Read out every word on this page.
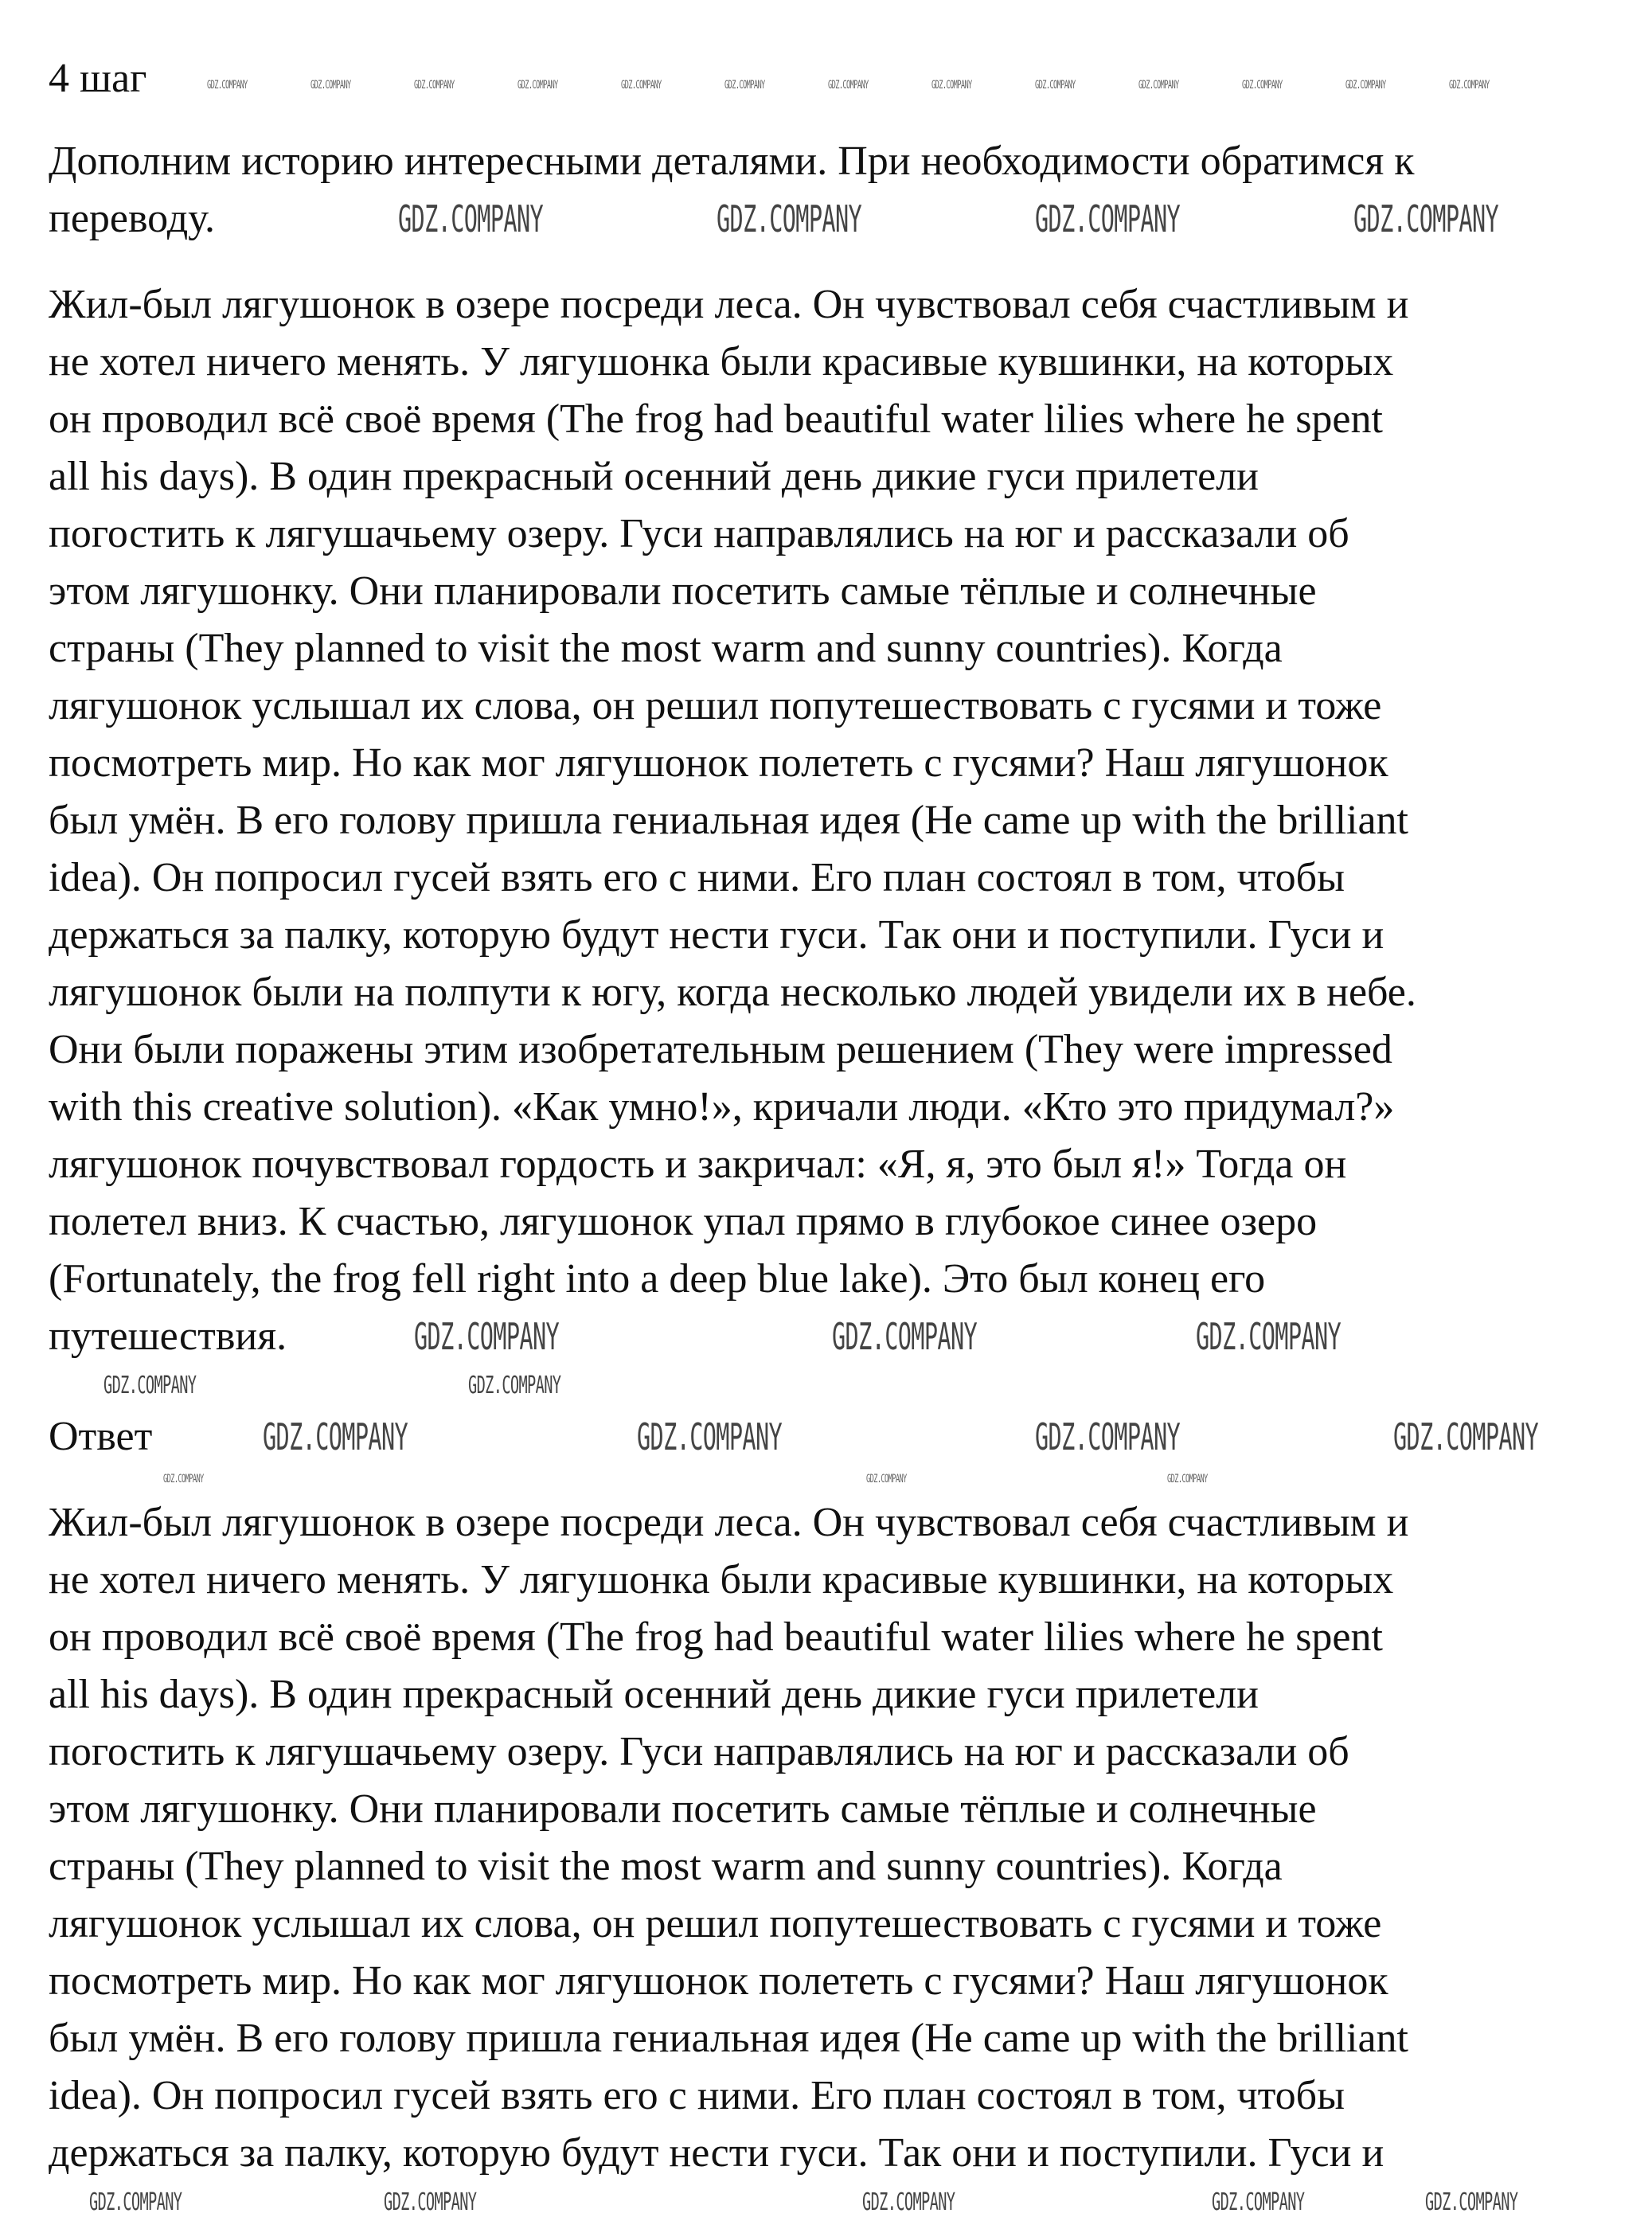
4 шаг
Дополним историю интересными деталями. При необходимости обратимся к
переводу.
Жил-был лягушонок в озере посреди леса. Он чувствовал себя счастливым и
не хотел ничего менять. У лягушонка были красивые кувшинки, на которых
он проводил всё своё время (The frog had beautiful water lilies where he spent
all his days). В один прекрасный осенний день дикие гуси прилетели
погостить к лягушачьему озеру. Гуси направлялись на юг и рассказали об
этом лягушонку. Они планировали посетить самые тёплые и солнечные
страны (They planned to visit the most warm and sunny countries). Когда
лягушонок услышал их слова, он решил попутешествовать с гусями и тоже
посмотреть мир. Но как мог лягушонок полететь с гусями? Наш лягушонок
был умён. В его голову пришла гениальная идея (He came up with the brilliant
idea). Он попросил гусей взять его с ними. Его план состоял в том, чтобы
держаться за палку, которую будут нести гуси. Так они и поступили. Гуси и
лягушонок были на полпути к югу, когда несколько людей увидели их в небе.
Они были поражены этим изобретательным решением (They were impressed
with this creative solution). «Как умно!», кричали люди. «Кто это придумал?»
лягушонок почувствовал гордость и закричал: «Я, я, это был я!» Тогда он
полетел вниз. К счастью, лягушонок упал прямо в глубокое синее озеро
(Fortunately, the frog fell right into a deep blue lake). Это был конец его
путешествия.
Ответ
Жил-был лягушонок в озере посреди леса. Он чувствовал себя счастливым и
не хотел ничего менять. У лягушонка были красивые кувшинки, на которых
он проводил всё своё время (The frog had beautiful water lilies where he spent
all his days). В один прекрасный осенний день дикие гуси прилетели
погостить к лягушачьему озеру. Гуси направлялись на юг и рассказали об
этом лягушонку. Они планировали посетить самые тёплые и солнечные
страны (They planned to visit the most warm and sunny countries). Когда
лягушонок услышал их слова, он решил попутешествовать с гусями и тоже
посмотреть мир. Но как мог лягушонок полететь с гусями? Наш лягушонок
был умён. В его голову пришла гениальная идея (He came up with the brilliant
idea). Он попросил гусей взять его с ними. Его план состоял в том, чтобы
держаться за палку, которую будут нести гуси. Так они и поступили. Гуси и
GDZ.COMPANY	GDZ.COMPANY	GDZ.COMPANY	GDZ.COMPANY	GDZ.COMPANY	GDZ.COMPANY	GDZ.COMPANY	GDZ.COMPANY	GDZ.COMPANY	GDZ.COMPANY	GDZ.COMPANY	GDZ.COMPANY	GDZ.COMPANY
GDZ.COMPANY	GDZ.COMPANY	GDZ.COMPANY	GDZ.COMPANY
GDZ.COMPANY	GDZ.COMPANY	GDZ.COMPANY
GDZ.COMPANY	GDZ.COMPANY
GDZ.COMPANY	GDZ.COMPANY	GDZ.COMPANY	GDZ.COMPANY
GDZ.COMPANY	GDZ.COMPANY	GDZ.COMPANY
GDZ.COMPANY	GDZ.COMPANY	GDZ.COMPANY	GDZ.COMPANY	GDZ.COMPANY
